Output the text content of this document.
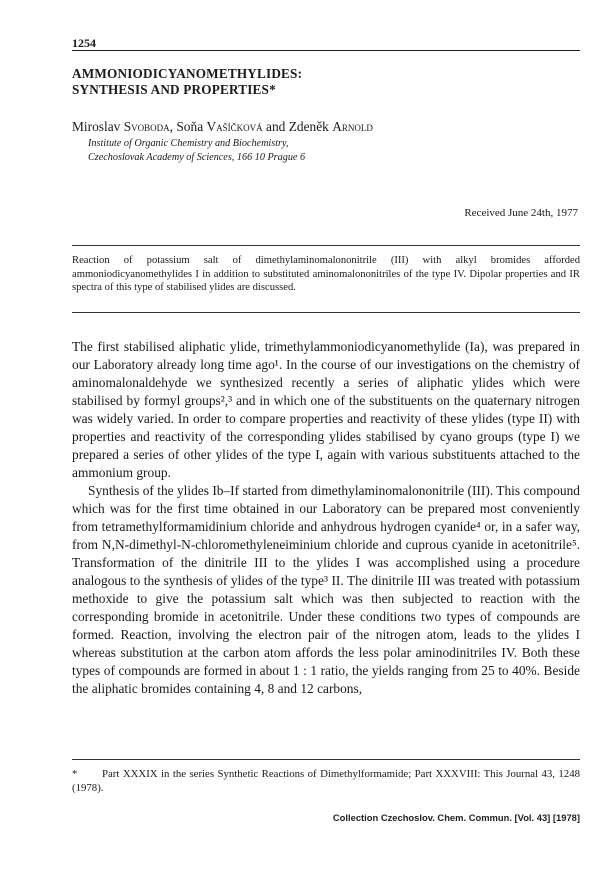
1254
AMMONIODICYANOMETHYLIDES:
SYNTHESIS AND PROPERTIES*
Miroslav Svoboda, Soňa Vašíčková and Zdeněk Arnold
Institute of Organic Chemistry and Biochemistry,
Czechoslovak Academy of Sciences, 166 10 Prague 6
Received June 24th, 1977

Reaction of potassium salt of dimethylaminomalononitrile (III) with alkyl bromides afforded ammoniodicyanomethylides I in addition to substituted aminomalononitriles of the type IV. Dipolar properties and IR spectra of this type of stabilised ylides are discussed.

The first stabilised aliphatic ylide, trimethylammoniodicyanomethylide (Ia), was prepared in our Laboratory already long time ago¹. In the course of our investigations on the chemistry of aminomalonaldehyde we synthesized recently a series of aliphatic ylides which were stabilised by formyl groups²,³ and in which one of the substituents on the quaternary nitrogen was widely varied. In order to compare properties and reactivity of these ylides (type II) with properties and reactivity of the corresponding ylides stabilised by cyano groups (type I) we prepared a series of other ylides of the type I, again with various substituents attached to the ammonium group.

Synthesis of the ylides Ib–If started from dimethylaminomalononitrile (III). This compound which was for the first time obtained in our Laboratory can be prepared most conveniently from tetramethylformamidinium chloride and anhydrous hydrogen cyanide⁴ or, in a safer way, from N,N-dimethyl-N-chloromethyleneiminium chloride and cuprous cyanide in acetonitrile⁵. Transformation of the dinitrile III to the ylides I was accomplished using a procedure analogous to the synthesis of ylides of the type³ II. The dinitrile III was treated with potassium methoxide to give the potassium salt which was then subjected to reaction with the corresponding bromide in acetonitrile. Under these conditions two types of compounds are formed. Reaction, involving the electron pair of the nitrogen atom, leads to the ylides I whereas substitution at the carbon atom affords the less polar aminodinitriles IV. Both these types of compounds are formed in about 1 : 1 ratio, the yields ranging from 25 to 40%. Beside the aliphatic bromides containing 4, 8 and 12 carbons,

* Part XXXIX in the series Synthetic Reactions of Dimethylformamide; Part XXXVIII: This Journal 43, 1248 (1978).
Collection Czechoslov. Chem. Commun. [Vol. 43] [1978]
